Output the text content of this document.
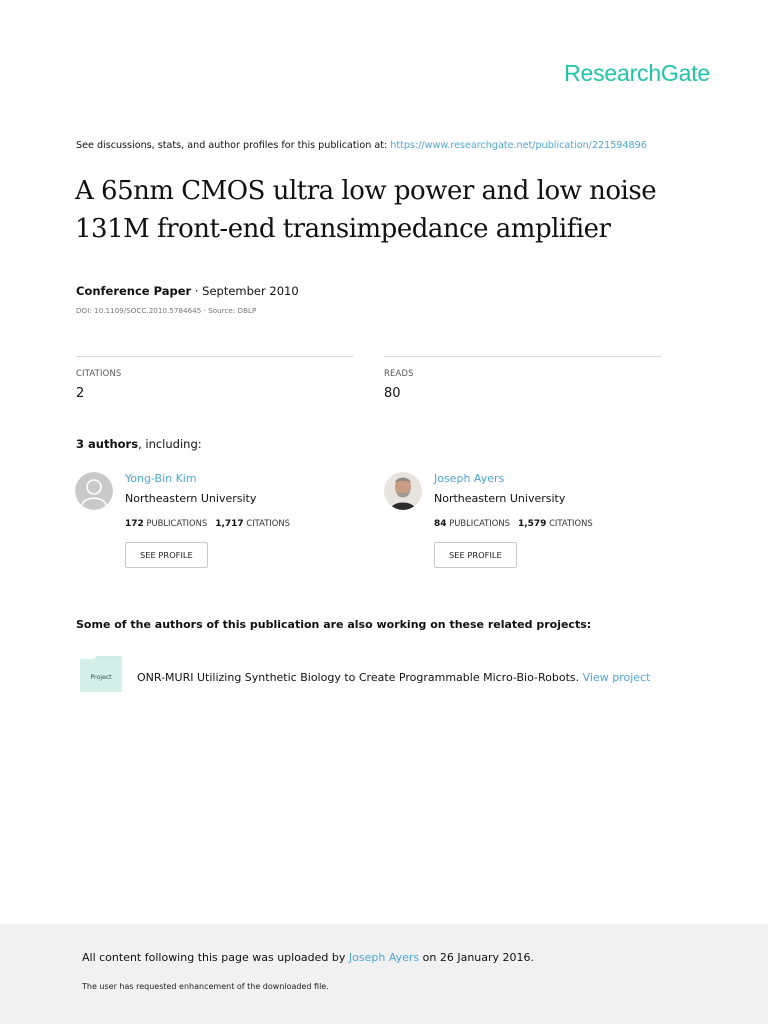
ResearchGate
See discussions, stats, and author profiles for this publication at: https://www.researchgate.net/publication/221594896
A 65nm CMOS ultra low power and low noise
131M front-end transimpedance amplifier
Conference Paper · September 2010
DOI: 10.1109/SOCC.2010.5784645 · Source: DBLP
CITATIONS
2
READS
80
3 authors, including:
Yong-Bin Kim
Northeastern University
172 PUBLICATIONS 1,717 CITATIONS
SEE PROFILE
Joseph Ayers
Northeastern University
84 PUBLICATIONS 1,579 CITATIONS
SEE PROFILE
Some of the authors of this publication are also working on these related projects:
Project ONR-MURI Utilizing Synthetic Biology to Create Programmable Micro-Bio-Robots. View project
All content following this page was uploaded by Joseph Ayers on 26 January 2016.
The user has requested enhancement of the downloaded file.
